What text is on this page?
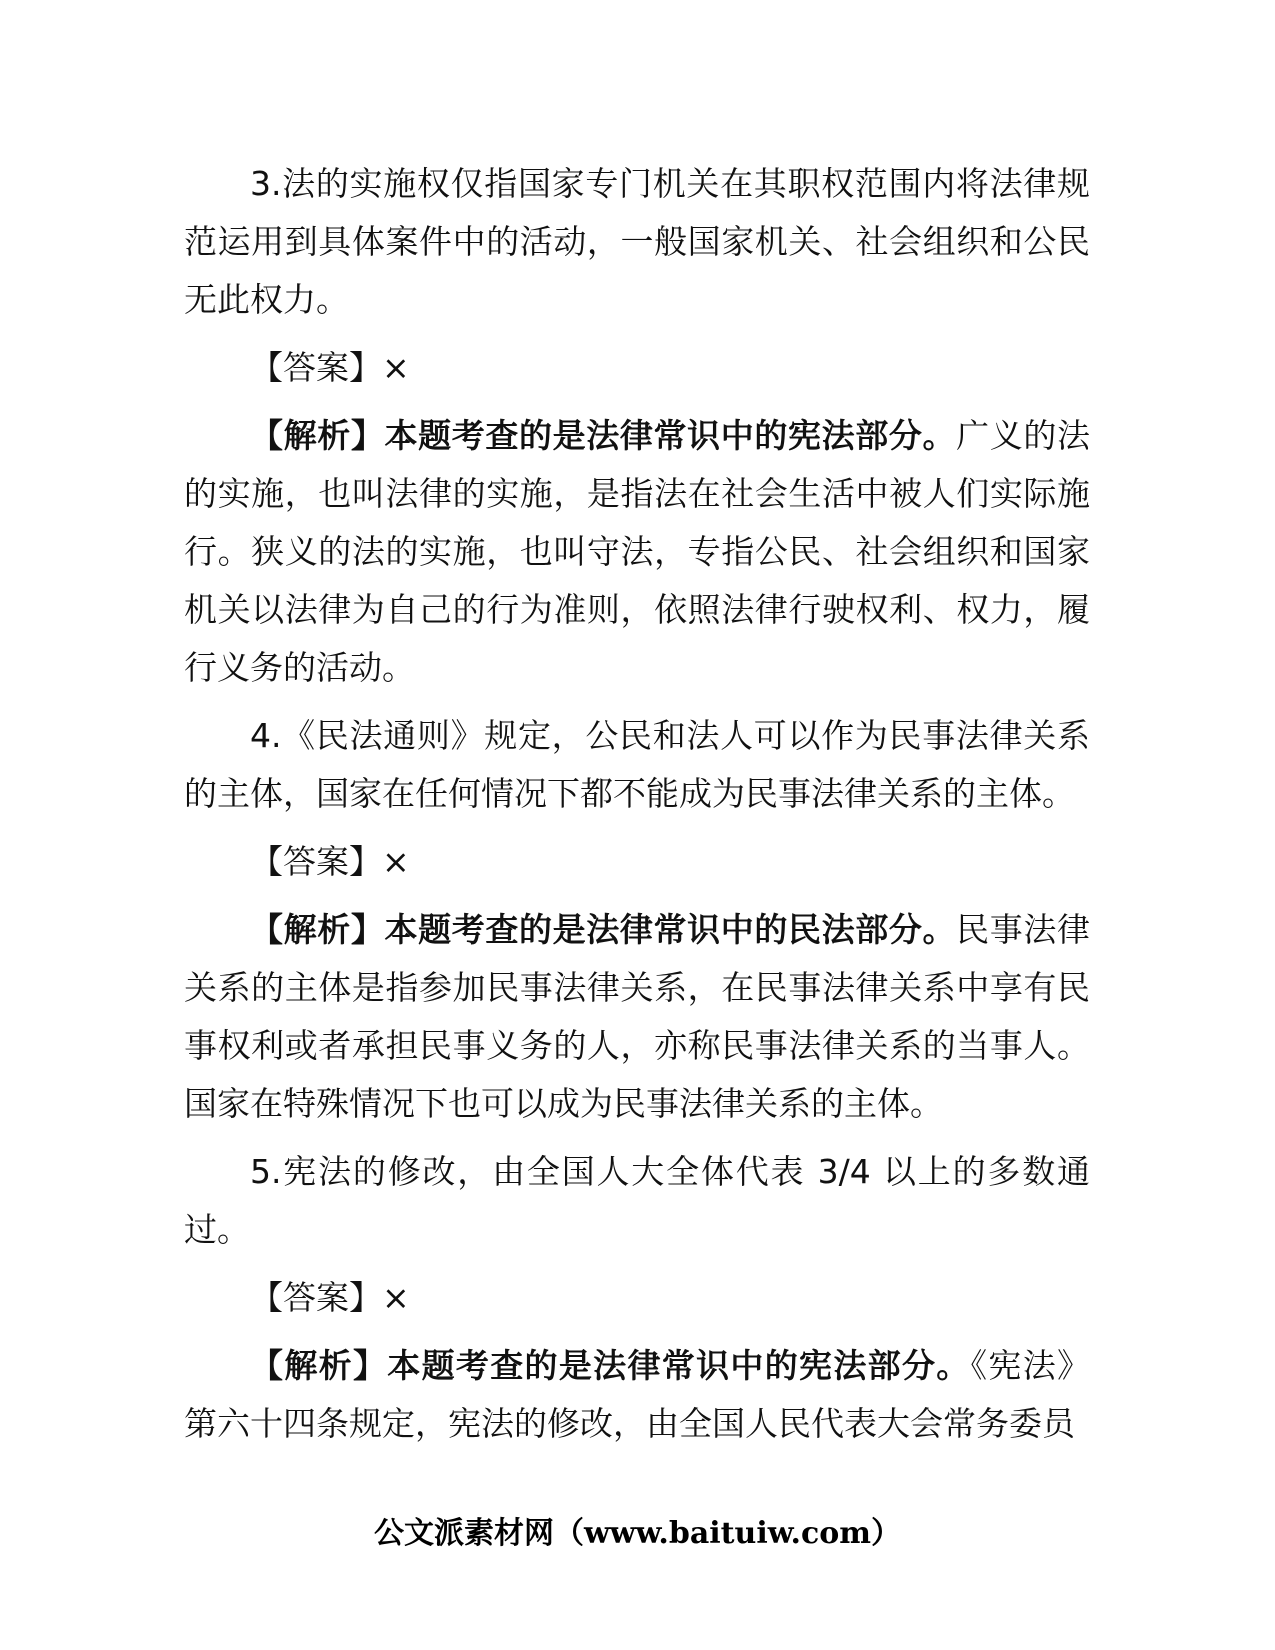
3.法的实施权仅指国家专门机关在其职权范围内将法律规范运用到具体案件中的活动，一般国家机关、社会组织和公民无此权力。

【答案】×

【解析】本题考查的是法律常识中的宪法部分。广义的法的实施，也叫法律的实施，是指法在社会生活中被人们实际施行。狭义的法的实施，也叫守法，专指公民、社会组织和国家机关以法律为自己的行为准则，依照法律行驶权利、权力，履行义务的活动。

4.《民法通则》规定，公民和法人可以作为民事法律关系的主体，国家在任何情况下都不能成为民事法律关系的主体。

【答案】×

【解析】本题考查的是法律常识中的民法部分。民事法律关系的主体是指参加民事法律关系，在民事法律关系中享有民事权利或者承担民事义务的人，亦称民事法律关系的当事人。国家在特殊情况下也可以成为民事法律关系的主体。

5.宪法的修改，由全国人大全体代表 3/4 以上的多数通过。

【答案】×

【解析】本题考查的是法律常识中的宪法部分。《宪法》第六十四条规定，宪法的修改，由全国人民代表大会常务委员

公文派素材网（www.baituiw.com）
